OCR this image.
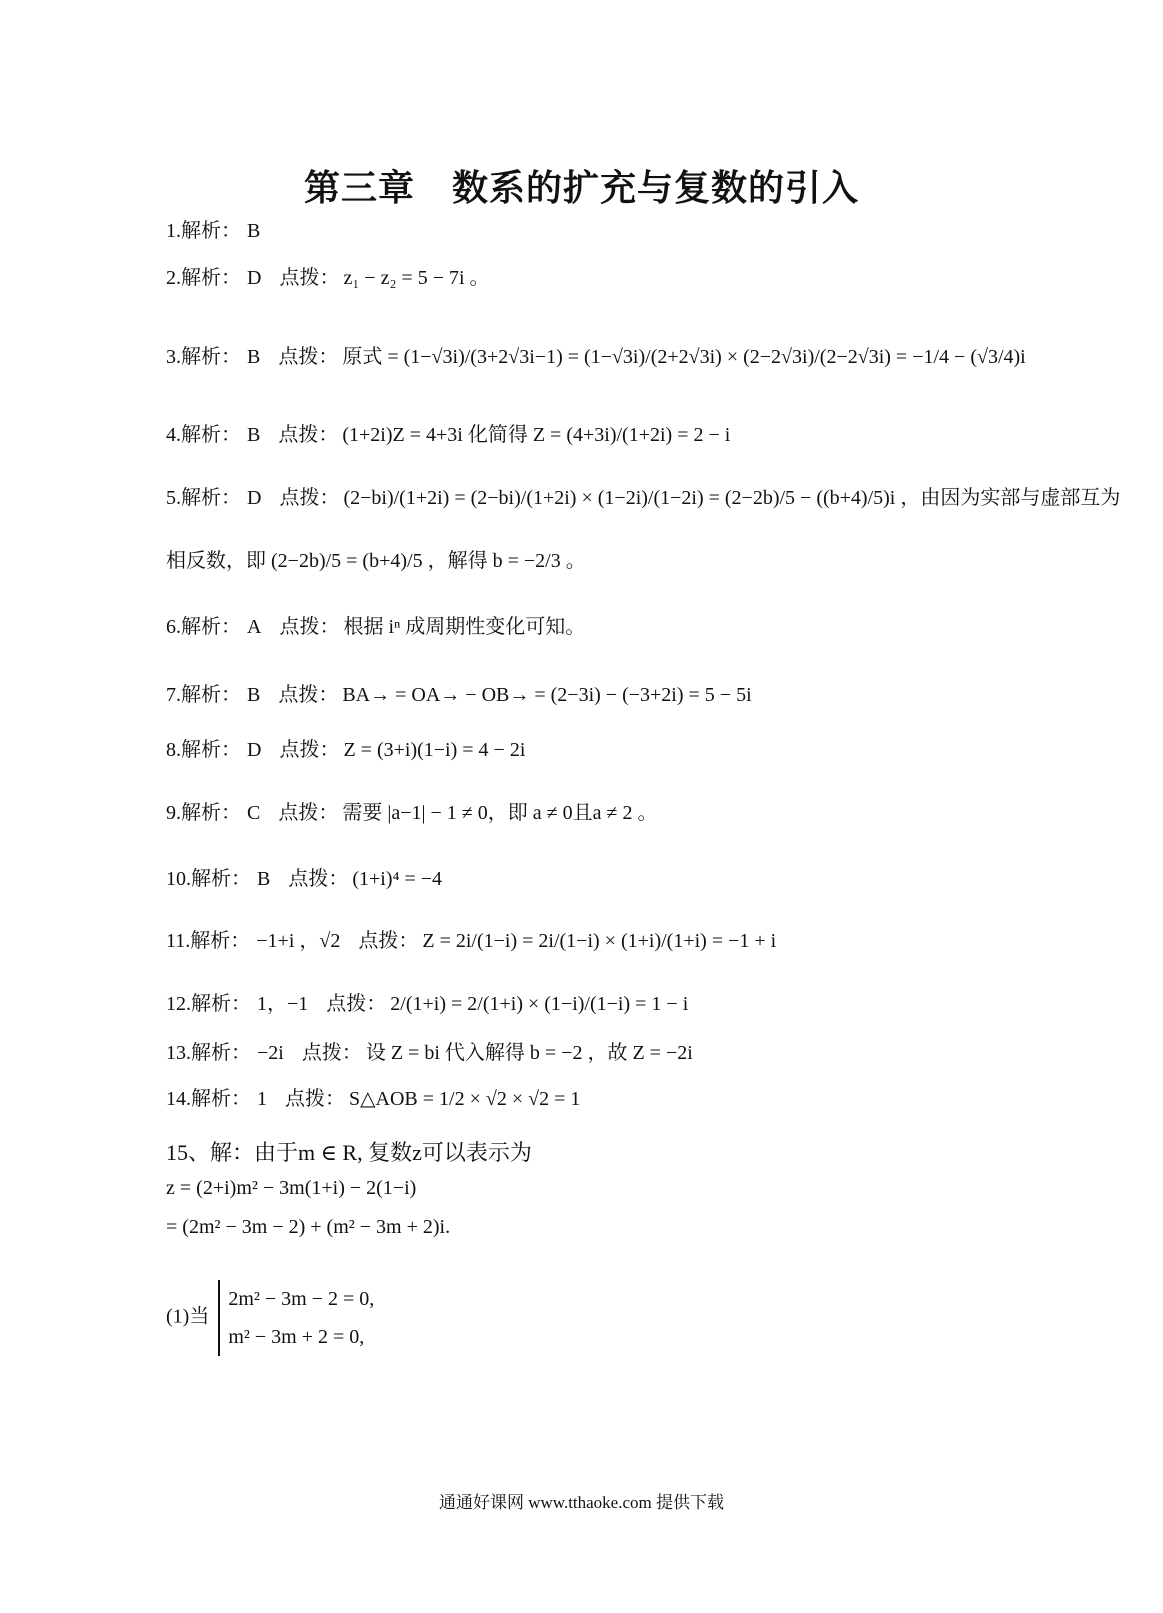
第三章　数系的扩充与复数的引入
1.解析： B
2.解析： D 点拨： z₁ − z₂ = 5 − 7i 。
3.解析： B 点拨： 原式 = (1−√3i)/(3+2√3i−1) = (1−√3i)/(2+2√3i) × (2−2√3i)/(2−2√3i) = −1/4 − (√3/4)i
4.解析： B 点拨： (1+2i)Z = 4+3i 化简得 Z = (4+3i)/(1+2i) = 2 − i
5.解析： D 点拨： (2−bi)/(1+2i) = (2−bi)/(1+2i) × (1−2i)/(1−2i) = (2−2b)/5 − ((b+4)/5)i ，由因为实部与虚部互为
相反数，即 (2−2b)/5 = (b+4)/5 ，解得 b = −2/3 。
6.解析： A 点拨： 根据 iⁿ 成周期性变化可知。
7.解析： B 点拨： BA→ = OA→ − OB→ = (2−3i) − (−3+2i) = 5 − 5i
8.解析： D 点拨： Z = (3+i)(1−i) = 4 − 2i
9.解析： C 点拨： 需要 |a−1| − 1 ≠ 0，即 a ≠ 0且a ≠ 2 。
10.解析： B 点拨： (1+i)⁴ = −4
11.解析： −1+i ，√2 点拨： Z = 2i/(1−i) = 2i/(1−i) × (1+i)/(1+i) = −1 + i
12.解析： 1，−1 点拨： 2/(1+i) = 2/(1+i) × (1−i)/(1−i) = 1 − i
13.解析： −2i 点拨： 设 Z = bi 代入解得 b = −2 ，故 Z = −2i
14.解析： 1 点拨： S△AOB = 1/2 × √2 × √2 = 1
15、解：由于m ∈ R, 复数z可以表示为
z = (2+i)m² − 3m(1+i) − 2(1−i)
= (2m² − 3m − 2) + (m² − 3m + 2)i.
(1)当
2m² − 3m − 2 = 0,
m² − 3m + 2 = 0,
通通好课网 www.tthaoke.com 提供下载
